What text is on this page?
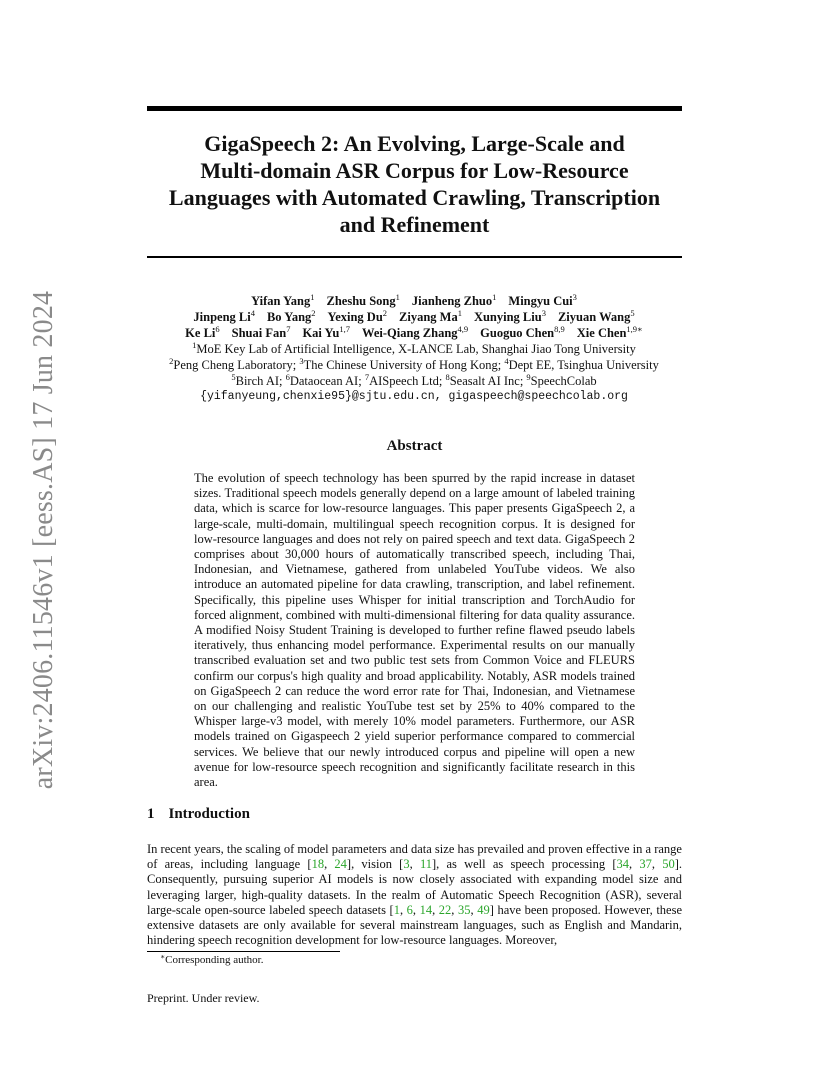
arXiv:2406.11546v1 [eess.AS] 17 Jun 2024
GigaSpeech 2: An Evolving, Large-Scale and
Multi-domain ASR Corpus for Low-Resource
Languages with Automated Crawling, Transcription
and Refinement
Yifan Yang$^1$ Zheshu Song$^1$ Jianheng Zhuo$^1$ Mingyu Cui$^3$
Jinpeng Li$^4$ Bo Yang$^2$ Yexing Du$^2$ Ziyang Ma$^1$ Xunying Liu$^3$ Ziyuan Wang$^5$
Ke Li$^6$ Shuai Fan$^7$ Kai Yu$^{1,7}$ Wei-Qiang Zhang$^{4,9}$ Guoguo Chen$^{8,9}$ Xie Chen$^{1,9∗}$
$^1$MoE Key Lab of Artificial Intelligence, X-LANCE Lab, Shanghai Jiao Tong University
$^2$Peng Cheng Laboratory; $^3$The Chinese University of Hong Kong; $^4$Dept EE, Tsinghua University
$^5$Birch AI; $^6$Dataocean AI; $^7$AISpeech Ltd; $^8$Seasalt AI Inc; $^9$SpeechColab
{yifanyeung,chenxie95}@sjtu.edu.cn, gigaspeech@speechcolab.org
Abstract
The evolution of speech technology has been spurred by the rapid increase in dataset sizes. Traditional speech models generally depend on a large amount of labeled training data, which is scarce for low-resource languages. This paper presents GigaSpeech 2, a large-scale, multi-domain, multilingual speech recognition corpus. It is designed for low-resource languages and does not rely on paired speech and text data. GigaSpeech 2 comprises about 30,000 hours of automatically transcribed speech, including Thai, Indonesian, and Vietnamese, gathered from unlabeled YouTube videos. We also introduce an automated pipeline for data crawling, transcription, and label refinement. Specifically, this pipeline uses Whisper for initial transcription and TorchAudio for forced alignment, combined with multi-dimensional filtering for data quality assurance. A modified Noisy Student Training is developed to further refine flawed pseudo labels iteratively, thus enhancing model performance. Experimental results on our manually transcribed evaluation set and two public test sets from Common Voice and FLEURS confirm our corpus's high quality and broad applicability. Notably, ASR models trained on GigaSpeech 2 can reduce the word error rate for Thai, Indonesian, and Vietnamese on our challenging and realistic YouTube test set by 25% to 40% compared to the Whisper large-v3 model, with merely 10% model parameters. Furthermore, our ASR models trained on Gigaspeech 2 yield superior performance compared to commercial services. We believe that our newly introduced corpus and pipeline will open a new avenue for low-resource speech recognition and significantly facilitate research in this area.
1 Introduction
In recent years, the scaling of model parameters and data size has prevailed and proven effective in a range of areas, including language [18, 24], vision [3, 11], as well as speech processing [34, 37, 50]. Consequently, pursuing superior AI models is now closely associated with expanding model size and leveraging larger, high-quality datasets. In the realm of Automatic Speech Recognition (ASR), several large-scale open-source labeled speech datasets [1, 6, 14, 22, 35, 49] have been proposed. However, these extensive datasets are only available for several mainstream languages, such as English and Mandarin, hindering speech recognition development for low-resource languages. Moreover,
∗Corresponding author.
Preprint. Under review.
